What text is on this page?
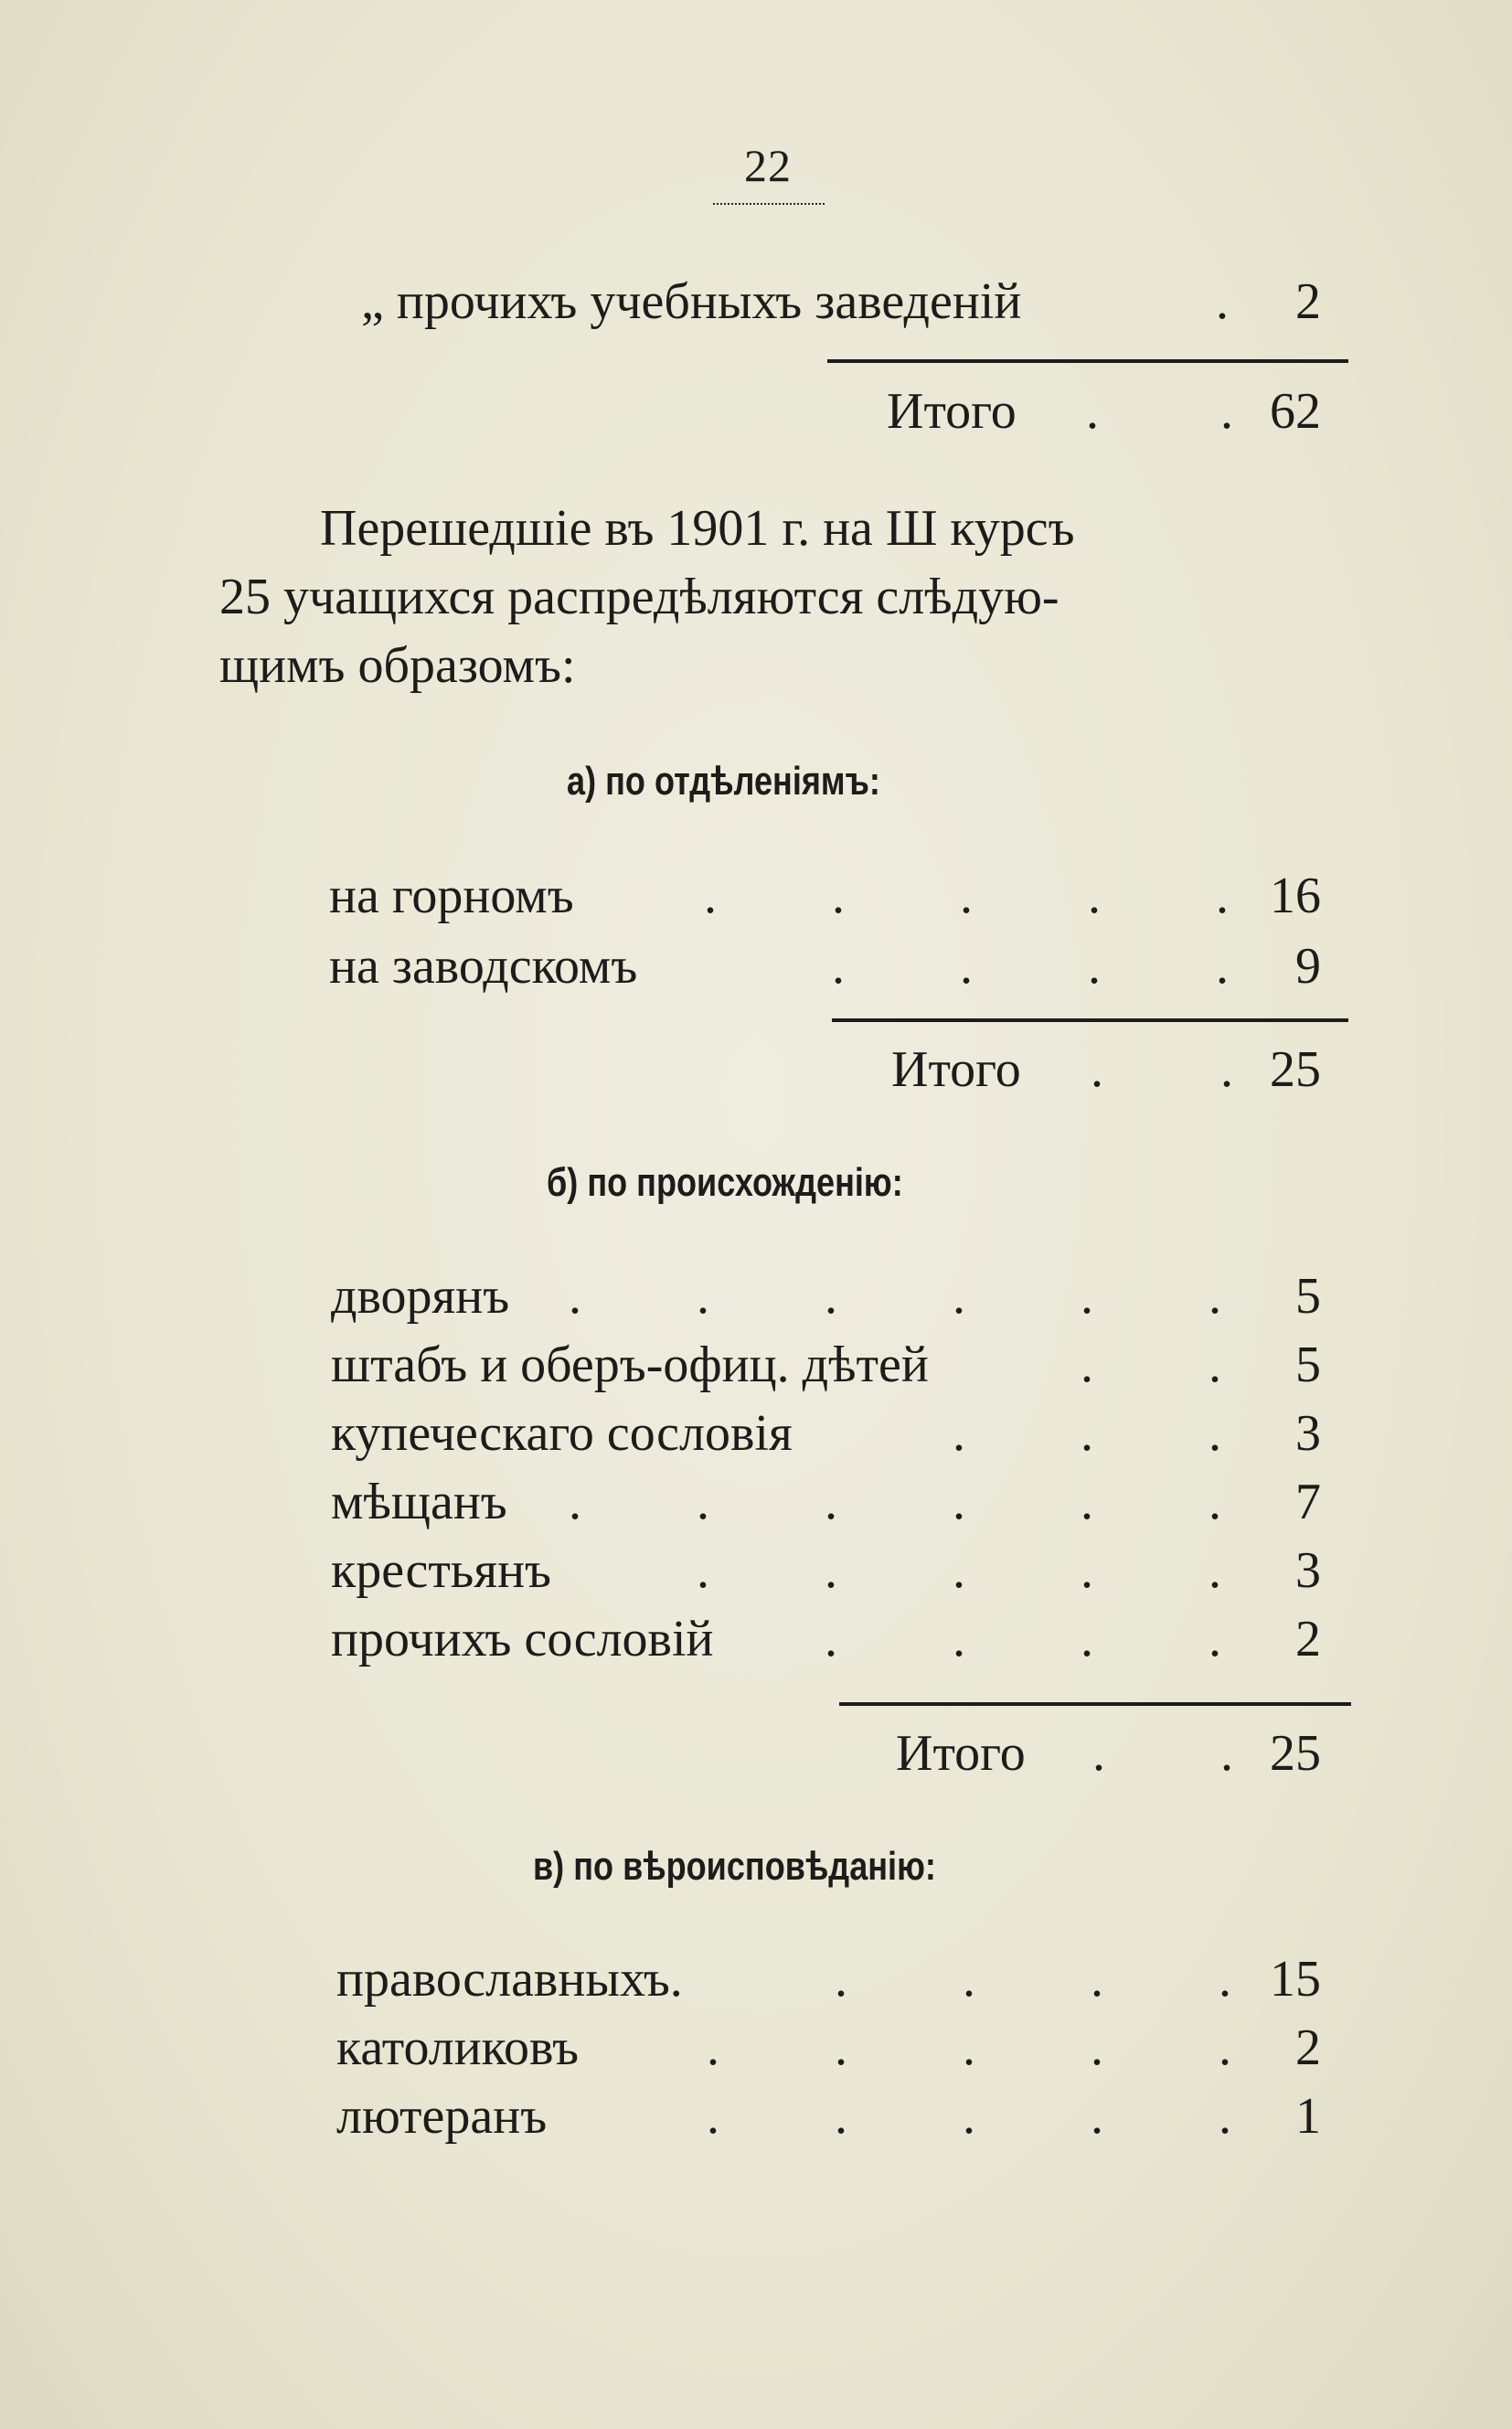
22
„ прочихъ учебныхъ заведеній	. 2
Итого . . 62
Перешедшіе въ 1901 г. на Ш курсъ
25 учащихся распредѣляются слѣдую-
щимъ образомъ:
а) по отдѣленіямъ:
на горномъ	. . . . . 16
на заводскомъ	. . . . 9
Итого . . 25
б) по происхожденію:
дворянъ . . . . . . 5
штабъ и оберъ-офиц. дѣтей	. . 5
купеческаго сословія	. . . 3
мѣщанъ . . . . . . 7
крестьянъ	. . . . . 3
прочихъ сословій . . . . 2
Итого . . 25
в) по вѣроисповѣданію:
православныхъ.	. . . . 15
католиковъ . . . . . 2
лютеранъ	. . . . . 1
